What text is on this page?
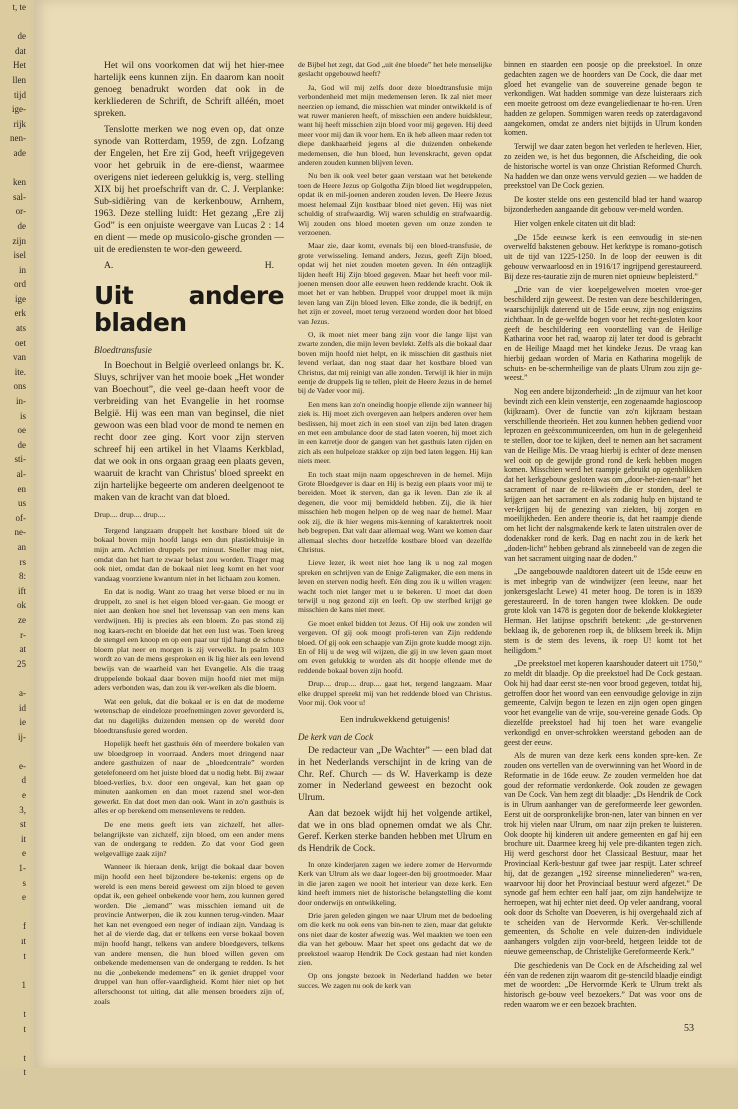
t, te

de
dat
Het
llen
tijd
ige-
rijk
nen-
ade

ken
sal-
or-
de
zijn
isel
in
ord
ige
erk
ats
oet
van
ite.
ons
in-
is
oe
de
sti-
al-
en
us
of-
ne-
an
rs
8:
ift
ok
ze
r-
at
25

a-
id
ie
ij-

e-
d
e
3,
st
it
e
1-
s
e

f
ıt
t

1

t
t

t
t

Het wil ons voorkomen dat wij het hier-mee hartelijk eens kunnen zijn. En daarom kan nooit genoeg benadrukt worden dat ook in de kerkliederen de Schrift, de Schrift alléén, moet spreken.

Tenslotte merken we nog even op, dat onze synode van Rotterdam, 1959, de zgn. Lofzang der Engelen, het Ere zij God, heeft vrijgegeven voor het gebruik in de ere-dienst, waarmee overigens niet iedereen gelukkig is, verg. stelling XIX bij het proefschrift van dr. C. J. Verplanke: Sub-sidiëring van de kerkenbouw, Arnhem, 1963. Deze stelling luidt: Het gezang „Ere zij God” is een onjuiste weergave van Lucas 2 : 14 en dient — mede op musicolo-gische gronden — uit de erediensten te wor-den geweerd.

A.	H.
Uit andere bladen
Bloedtransfusie

In Boechout in België overleed onlangs br. K. Sluys, schrijver van het mooie boek „Het wonder van Boechout”, die veel ge-daan heeft voor de verbreiding van het Evangelie in het roomse België. Hij was een man van beginsel, die niet gewoon was een blad voor de mond te nemen en recht door zee ging. Kort voor zijn sterven schreef hij een artikel in het Vlaams Kerkblad, dat we ook in ons orgaan graag een plaats geven, waaruit de kracht van Christus' bloed spreekt en zijn hartelijke begeerte om anderen deelgenoot te maken van de kracht van dat bloed.

Drup.... drup.... drup....

Tergend langzaam druppelt het kostbare bloed uit de bokaal boven mijn hoofd langs een dun plastiekbuisje in mijn arm. Achttien druppels per minuut. Sneller mag niet, omdat dan het hart te zwaar belast zou worden. Trager mag ook niet, omdat dan de bokaal niet leeg komt en het voor vandaag voorziene kwantum niet in het lichaam zou komen.

En dat is nodig. Want zo traag het verse bloed er nu in druppelt, zo snel is het eigen bloed ver-gaan. Ge moogt er niet aan denken hoe snel het levenssap van een mens kan verdwijnen. Hij is precies als een bloem. Zo pas stond zij nog kaars-recht en bloeide dat het een lust was. Toen kreeg de stengel een knoop en op een paar uur tijd hangt de schone bloem plat neer en morgen is zij verwelkt. In psalm 103 wordt zo van de mens gesproken en ik lig hier als een levend bewijs van de waarheid van het Evangelie. Als die traag druppelende bokaal daar boven mijn hoofd niet met mijn aders verbonden was, dan zou ik ver-welken als die bloem.

Wat een geluk, dat die bokaal er is en dat de moderne wetenschap de eindeloze proefnemingen zover gevorderd is, dat nu dagelijks duizenden mensen op de wereld door bloedtransfusie gered worden.

Hopelijk heeft het gasthuis één of meerdere bokalen van uw bloedgroep in voorraad. Anders moet dringend naar andere gasthuizen of naar de „bloedcentrale” worden getelefoneerd om het juiste bloed dat u nodig hebt. Bij zwaar bloed-verlies, b.v. door een ongeval, kan het gaan op minuten aankomen en dan moet razend snel wor-den gewerkt. En dat doet men dan ook. Want in zo'n gasthuis is alles er op berekend om mensenlevens te redden.

De ene mens geeft iets van zichzelf, het aller-belangrijkste van zichzelf, zijn bloed, om een ander mens van de ondergang te redden. Zo dat voor God geen welgevallige zaak zijn?

Wanneer ik hieraan denk, krijgt die bokaal daar boven mijn hoofd een heel bijzondere be-tekenis: ergens op de wereld is een mens bereid geweest om zijn bloed te geven opdat ik, een geheel onbekende voor hem, zou kunnen gered worden. Die „iemand” was misschien iemand uit de provincie Antwerpen, die ik zou kunnen terug-vinden. Maar het kan net evengoed een neger of indiaan zijn. Vandaag is het al de vierde dag, dat er telkens een verse bokaal boven mijn hoofd hangt, telkens van andere bloedgevers, telkens van andere mensen, die hun bloed willen geven om onbekende medemensen van de ondergang te redden. Is het nu die „onbekende medemens” en ik geniet druppel voor druppel van hun offer-vaardigheid. Komt hier niet op het allerschoonst tot uiting, dat alle mensen broeders zijn of, zoals

de Bijbel het zegt, dat God „uit éne bloede” het hele menselijke geslacht opgebouwd heeft?

Ja, God wil mij zelfs door deze bloedtransfusie mijn verbondenheid met mijn medemensen leren. Ik zal niet meer neerzien op iemand, die misschien wat minder ontwikkeld is of wat ruwer manieren heeft, of misschien een andere huidskleur, want hij heeft misschien zijn bloed voor mij gegeven. Hij deed meer voor mij dan ik voor hem. En ik heb alleen maar reden tot diepe dankbaarheid jegens al die duizenden onbekende medemensen, die hun bloed, hun levenskracht, geven opdat anderen zouden kunnen blijven leven.

Nu ben ik ook veel beter gaan verstaan wat het betekende toen de Heere Jezus op Golgotha Zijn bloed liet wegdruppelen, opdat ik en mil-joenen anderen zouden leven. De Heere Jezus moest helemaal Zijn kostbaar bloed niet geven. Hij was niet schuldig of strafwaardig. Wij waren schuldig en strafwaardig. Wij zouden ons bloed moeten geven om onze zonden te verzoenen.

Maar zie, daar komt, evenals bij een bloed-transfusie, de grote verwisseling. Iemand anders, Jezus, geeft Zijn bloed, opdat wij het niet zouden moeten geven. In één ontzaglijk lijden heeft Hij Zijn bloed gegeven. Maar het heeft voor mil-joenen mensen door alle eeuwen heen reddende kracht. Ook ik moet het er van hebben. Druppel voor druppel moet ik mijn leven lang van Zijn bloed leven. Elke zonde, die ik bedrijf, en het zijn er zoveel, moet terug verzoend worden door het bloed van Jezus.

O, ik moet niet meer bang zijn voor die lange lijst van zwarte zonden, die mijn leven bevlekt. Zelfs als die bokaal daar boven mijn hoofd niet helpt, en ik misschien dit gasthuis niet levend verlaat, dan nog staat daar het kostbare bloed van Christus, dat mij reinigt van alle zonden. Terwijl ik hier in mijn eentje de druppels lig te tellen, pleit de Heere Jezus in de hemel bij de Vader voor mij.

Een mens kan zo'n oneindig hoopje ellende zijn wanneer hij ziek is. Hij moet zich overgeven aan helpers anderen over hem beslissen, hij moet zich in een stoel van zijn bed laten dragen en met een ambulance door de stad laten voeren, hij moet zich in een karretje door de gangen van het gasthuis laten rijden en zich als een hulpeloze stakker op zijn bed laten leggen. Hij kan niets meer.

En toch staat mijn naam opgeschreven in de hemel. Mijn Grote Bloedgever is daar en Hij is bezig een plaats voor mij te bereiden. Moet ik sterven, dan ga ik leven. Dan zie ik al degenen, die voor mij bemiddeld hebben. Zij, die ik hier misschien heb mogen helpen op de weg naar de hemel. Maar ook zij, die ik hier wegens mis-kenning of karaktertrek nooit heb begrepen. Dat valt daar allemaal weg. Want we komen daar allemaal slechts door hetzelfde kostbare bloed van dezelfde Christus.

Lieve lezer, ik weet niet hoe lang ik u nog zal mogen spreken en schrijven van de Enige Zaligmaker, die een mens in leven en sterven nodig heeft. Eén ding zou ik u willen vragen: wacht toch niet langer met u te bekeren. U moet dat doen terwijl u nog gezond zijt en leeft. Op uw sterfbed krijgt ge misschien de kans niet meer.

Ge moet enkel bidden tot Jezus. Of Hij ook uw zonden wil vergeven. Of gij ook moogt profi-teren van Zijn reddende bloed. Of gij ook een schaapje van Zijn grote kudde moogt zijn. En of Hij u de weg wil wijzen, die gij in uw leven gaan moet om even gelukkig te worden als dit hoopje ellende met de reddende bokaal boven zijn hoofd.

Drup.... drup.... drup.... gaat het, tergend langzaam. Maar elke druppel spreekt mij van het reddende bloed van Christus. Voor mij. Ook voor u!

Een indrukwekkend getuigenis!
De kerk van de Cock

De redacteur van „De Wachter” — een blad dat in het Nederlands verschijnt in de kring van de Chr. Ref. Church — ds W. Haverkamp is deze zomer in Nederland geweest en bezocht ook Ulrum.

Aan dat bezoek wijdt hij het volgende artikel, dat we in ons blad opnemen omdat we als Chr. Geref. Kerken sterke banden hebben met Ulrum en ds Hendrik de Cock.

In onze kinderjaren zagen we iedere zomer de Hervormde Kerk van Ulrum als we daar logeer-den bij grootmoeder. Maar in die jaren zagen we nooit het interieur van deze kerk. Een kind heeft immers niet de historische belangstelling die komt door onderwijs en ontwikkeling.

Drie jaren geleden gingen we naar Ulrum met de bedoeling om die kerk nu ook eens van bin-nen te zien, maar dat gelukte ons niet daar de koster afwezig was. Wel maakten we toen een dia van het gebouw. Maar het speet ons gedacht dat we de preekstoel waarop Hendrik De Cock gestaan had niet konden zien.

Op ons jongste bezoek in Nederland hadden we beter succes. We zagen nu ook de kerk van

binnen en staarden een poosje op die preekstoel. In onze gedachten zagen we de hoorders van De Cock, die daar met gloed het evangelie van de souvereine genade begon te verkondigen. Wat hadden sommige van deze luisteraars zich een moeite getroost om deze evangeliedienaar te ho-ren. Uren hadden ze gelopen. Sommigen waren reeds op zaterdagavond aangekomen, omdat ze anders niet bijtijds in Ulrum konden komen.

Terwijl we daar zaten begon het verleden te herleven. Hier, zo zeiden we, is het dus begonnen, die Afscheiding, die ook de historische wortel is van onze Christian Reformed Church. Na hadden we dan onze wens vervuld gezien — we hadden de preekstoel van De Cock gezien.

De koster stelde ons een gestencild blad ter hand waarop bijzonderheden aangaande dit gebouw ver-meld worden.

Hier volgen enkele citaten uit dit blad:

„De 15de eeuwse kerk is een eenvoudig in ste-nen overwelfd bakstenen gebouw. Het kerktype is romano-gotisch uit de tijd van 1225-1250. In de loop der eeuwen is dit gebouw verwaarloosd en in 1916/17 ingrijpend gerestaureerd. Bij deze res-tauratie zijn de muren niet opnieuw bepleisterd.”

„Drie van de vier koepelgewelven moeten vroe-ger beschilderd zijn geweest. De resten van deze beschilderingen, waarschijnlijk daterend uit de 15de eeuw, zijn nog enigszins zichtbaar. In de ge-welfde bogen voor het recht-gesloten koor geeft de beschildering een voorstelling van de Heilige Katharina voor het rad, waarop zij later ter dood is gebracht en de Heilige Maagd met het kindeke Jezus. De vraag kan hierbij gedaan worden of Maria en Katharina mogelijk de schuts- en be-schermheilige van de plaats Ulrum zou zijn ge-weest.”

Nog een andere bijzonderheid: „In de zijmuur van het koor bevindt zich een klein venstertje, een zogenaamde hagioscoop (kijkraam). Over de functie van zo'n kijkraam bestaan verschillende theorieën. Het zou kunnen hebben gediend voor leprozen en geëxcommuniceerden, om hun in de gelegenheid te stellen, door toe te kijken, deel te nemen aan het sacrament van de Heilige Mis. De vraag hierbij is echter of deze mensen wel ooit op de gewijde grond rond de kerk hebben mogen komen. Misschien werd het raampje gebruikt op ogenblikken dat het kerkgebouw gesloten was om „door-het-zien-naar” het sacrament of naar de re-likwieën die er stonden, deel te krijgen aan het sacrament en als zodanig hulp en bijstand te ver-krijgen bij de genezing van ziekten, bij zorgen en moeilijkheden. Een andere theorie is, dat het raampje diende om het licht der nalsgmakende kerk te laten uitstralen over de dodenakker rond de kerk. Dag en nacht zou in de kerk het „doden-licht” hebben gebrand als zinnebeeld van de zegen die van het sacrament uitging naar de doden.”

„De aangebouwde naaldtoren dateert uit de 15de eeuw en is met inbegrip van de windwijzer (een leeuw, naar het jonkersgeslacht Lewe) 41 meter hoog. De toren is in 1839 gerestaureerd. In de toren hangen twee klokken. De oude grote klok van 1478 is gegoten door de bekende klokkegieter Herman. Het latijnse opschrift betekent: „de ge-storvenen beklaag ik, de geborenen roep ik, de bliksem breek ik. Mijn stem is de stem des levens, ik roep U! komt tot het heiligdom.”

„De preekstoel met koperen kaarshouder dateert uit 1750,” zo meldt dit blaadje. Op die preekstoel had De Cock gestaan. Ook hij had daar eerst ste-nen voor brood gegeven, totdat hij, getroffen door het woord van een eenvoudige gelovige in zijn gemeente, Calvijn begon te lezen en zijn ogen open gingen voor het evangelie van de vrije, sou-vereine genade Gods. Op diezelfde preekstoel had hij toen het ware evangelie verkondigd en onver-schrokken weerstand geboden aan de geest der eeuw.

Als de muren van deze kerk eens konden spre-ken. Ze zouden ons vertellen van de overwinning van het Woord in de Reformatie in de 16de eeuw. Ze zouden vermelden hoe dat goud der reformatie verdonkerde. Ook zouden ze gewagen van De Cock. Van hem zegt dit blaadje: „Ds Hendrik de Cock is in Ulrum aanhanger van de gereformeerde leer geworden. Eerst uit de oorspronkelijke bron-nen, later van binnen en ver trok hij vielen naar Ulrum, om naar zijn preken te luisteren. Ook doopte hij kinderen uit andere gemeenten en gaf hij een brochure uit. Daarmee kreeg hij vele pre-dikanten tegen zich. Hij werd geschorst door het Classicaal Bestuur, maar het Provinciaal Kerk-bestuur gaf twee jaar respijt. Later schreef hij, dat de gezangen „192 sireense minneliederen” wa-ren, waarvoor hij door het Provinciaal bestuur werd afgezet.” De synode gaf hem echter een half jaar, om zijn handelwijze te herroepen, wat hij echter niet deed. Op veler aandrang, vooral ook door ds Scholte van Doeveren, is hij overgehaald zich af te scheiden van de Hervormde Kerk. Ver-schillende gemeenten, ds Scholte en vele duizen-den individuele aanhangers volgden zijn voor-beeld, hetgeen leidde tot de nieuwe gemeenschap, de Christelijke Gereformeerde Kerk.”

Die geschiedenis van De Cock en de Afscheiding zal wel één van de redenen zijn waarom dit ge-stencild blaadje eindigt met de woorden: „De Hervormde Kerk te Ulrum trekt als historisch ge-bouw veel bezoekers.” Dat was voor ons de reden waarom we er een bezoek brachten.

53
